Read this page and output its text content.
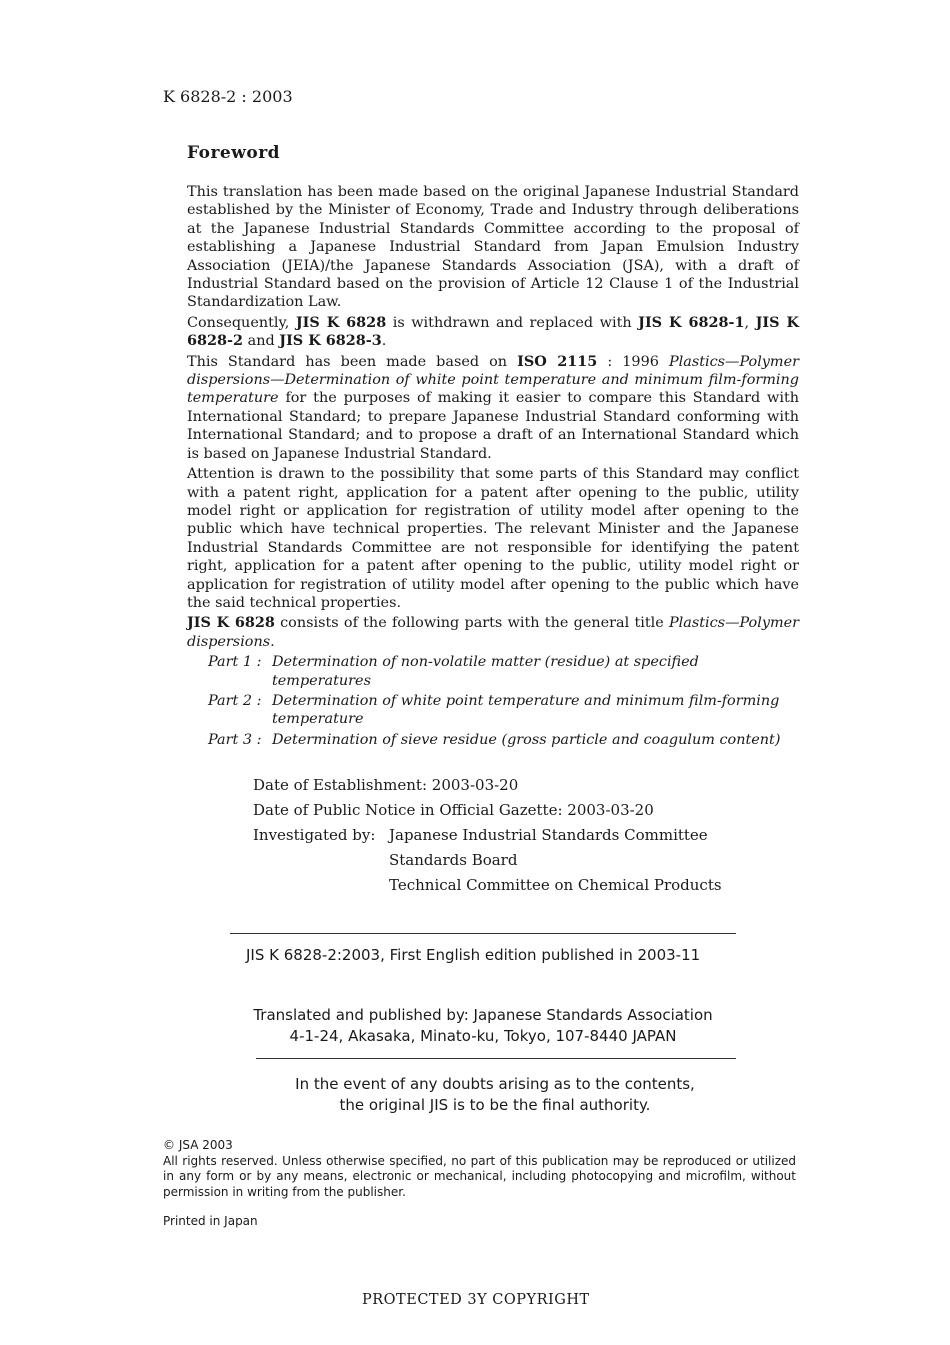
K 6828-2 : 2003
Foreword

This translation has been made based on the original Japanese Industrial Standard established by the Minister of Economy, Trade and Industry through deliberations at the Japanese Industrial Standards Committee according to the proposal of establishing a Japanese Industrial Standard from Japan Emulsion Industry Association (JEIA)/the Japanese Standards Association (JSA), with a draft of Industrial Standard based on the provision of Article 12 Clause 1 of the Industrial Standardization Law.

Consequently, JIS K 6828 is withdrawn and replaced with JIS K 6828-1, JIS K 6828-2 and JIS K 6828-3.

This Standard has been made based on ISO 2115 : 1996 Plastics—Polymer dispersions—Determination of white point temperature and minimum film-forming temperature for the purposes of making it easier to compare this Standard with International Standard; to prepare Japanese Industrial Standard conforming with International Standard; and to propose a draft of an International Standard which is based on Japanese Industrial Standard.

Attention is drawn to the possibility that some parts of this Standard may conflict with a patent right, application for a patent after opening to the public, utility model right or application for registration of utility model after opening to the public which have technical properties. The relevant Minister and the Japanese Industrial Standards Committee are not responsible for identifying the patent right, application for a patent after opening to the public, utility model right or application for registration of utility model after opening to the public which have the said technical properties.

JIS K 6828 consists of the following parts with the general title Plastics—Polymer dispersions.

Part 1 : Determination of non-volatile matter (residue) at specified temperatures
Part 2 : Determination of white point temperature and minimum film-forming temperature
Part 3 : Determination of sieve residue (gross particle and coagulum content)
Date of Establishment: 2003-03-20
Date of Public Notice in Official Gazette: 2003-03-20
Investigated by: Japanese Industrial Standards Committee
Standards Board
Technical Committee on Chemical Products
JIS K 6828-2:2003, First English edition published in 2003-11
Translated and published by: Japanese Standards Association
4-1-24, Akasaka, Minato-ku, Tokyo, 107-8440 JAPAN
In the event of any doubts arising as to the contents,
the original JIS is to be the final authority.

© JSA 2003

All rights reserved. Unless otherwise specified, no part of this publication may be reproduced or utilized in any form or by any means, electronic or mechanical, including photocopying and microfilm, without permission in writing from the publisher.

Printed in Japan
PROTECTED 3Y COPYRIGHT
